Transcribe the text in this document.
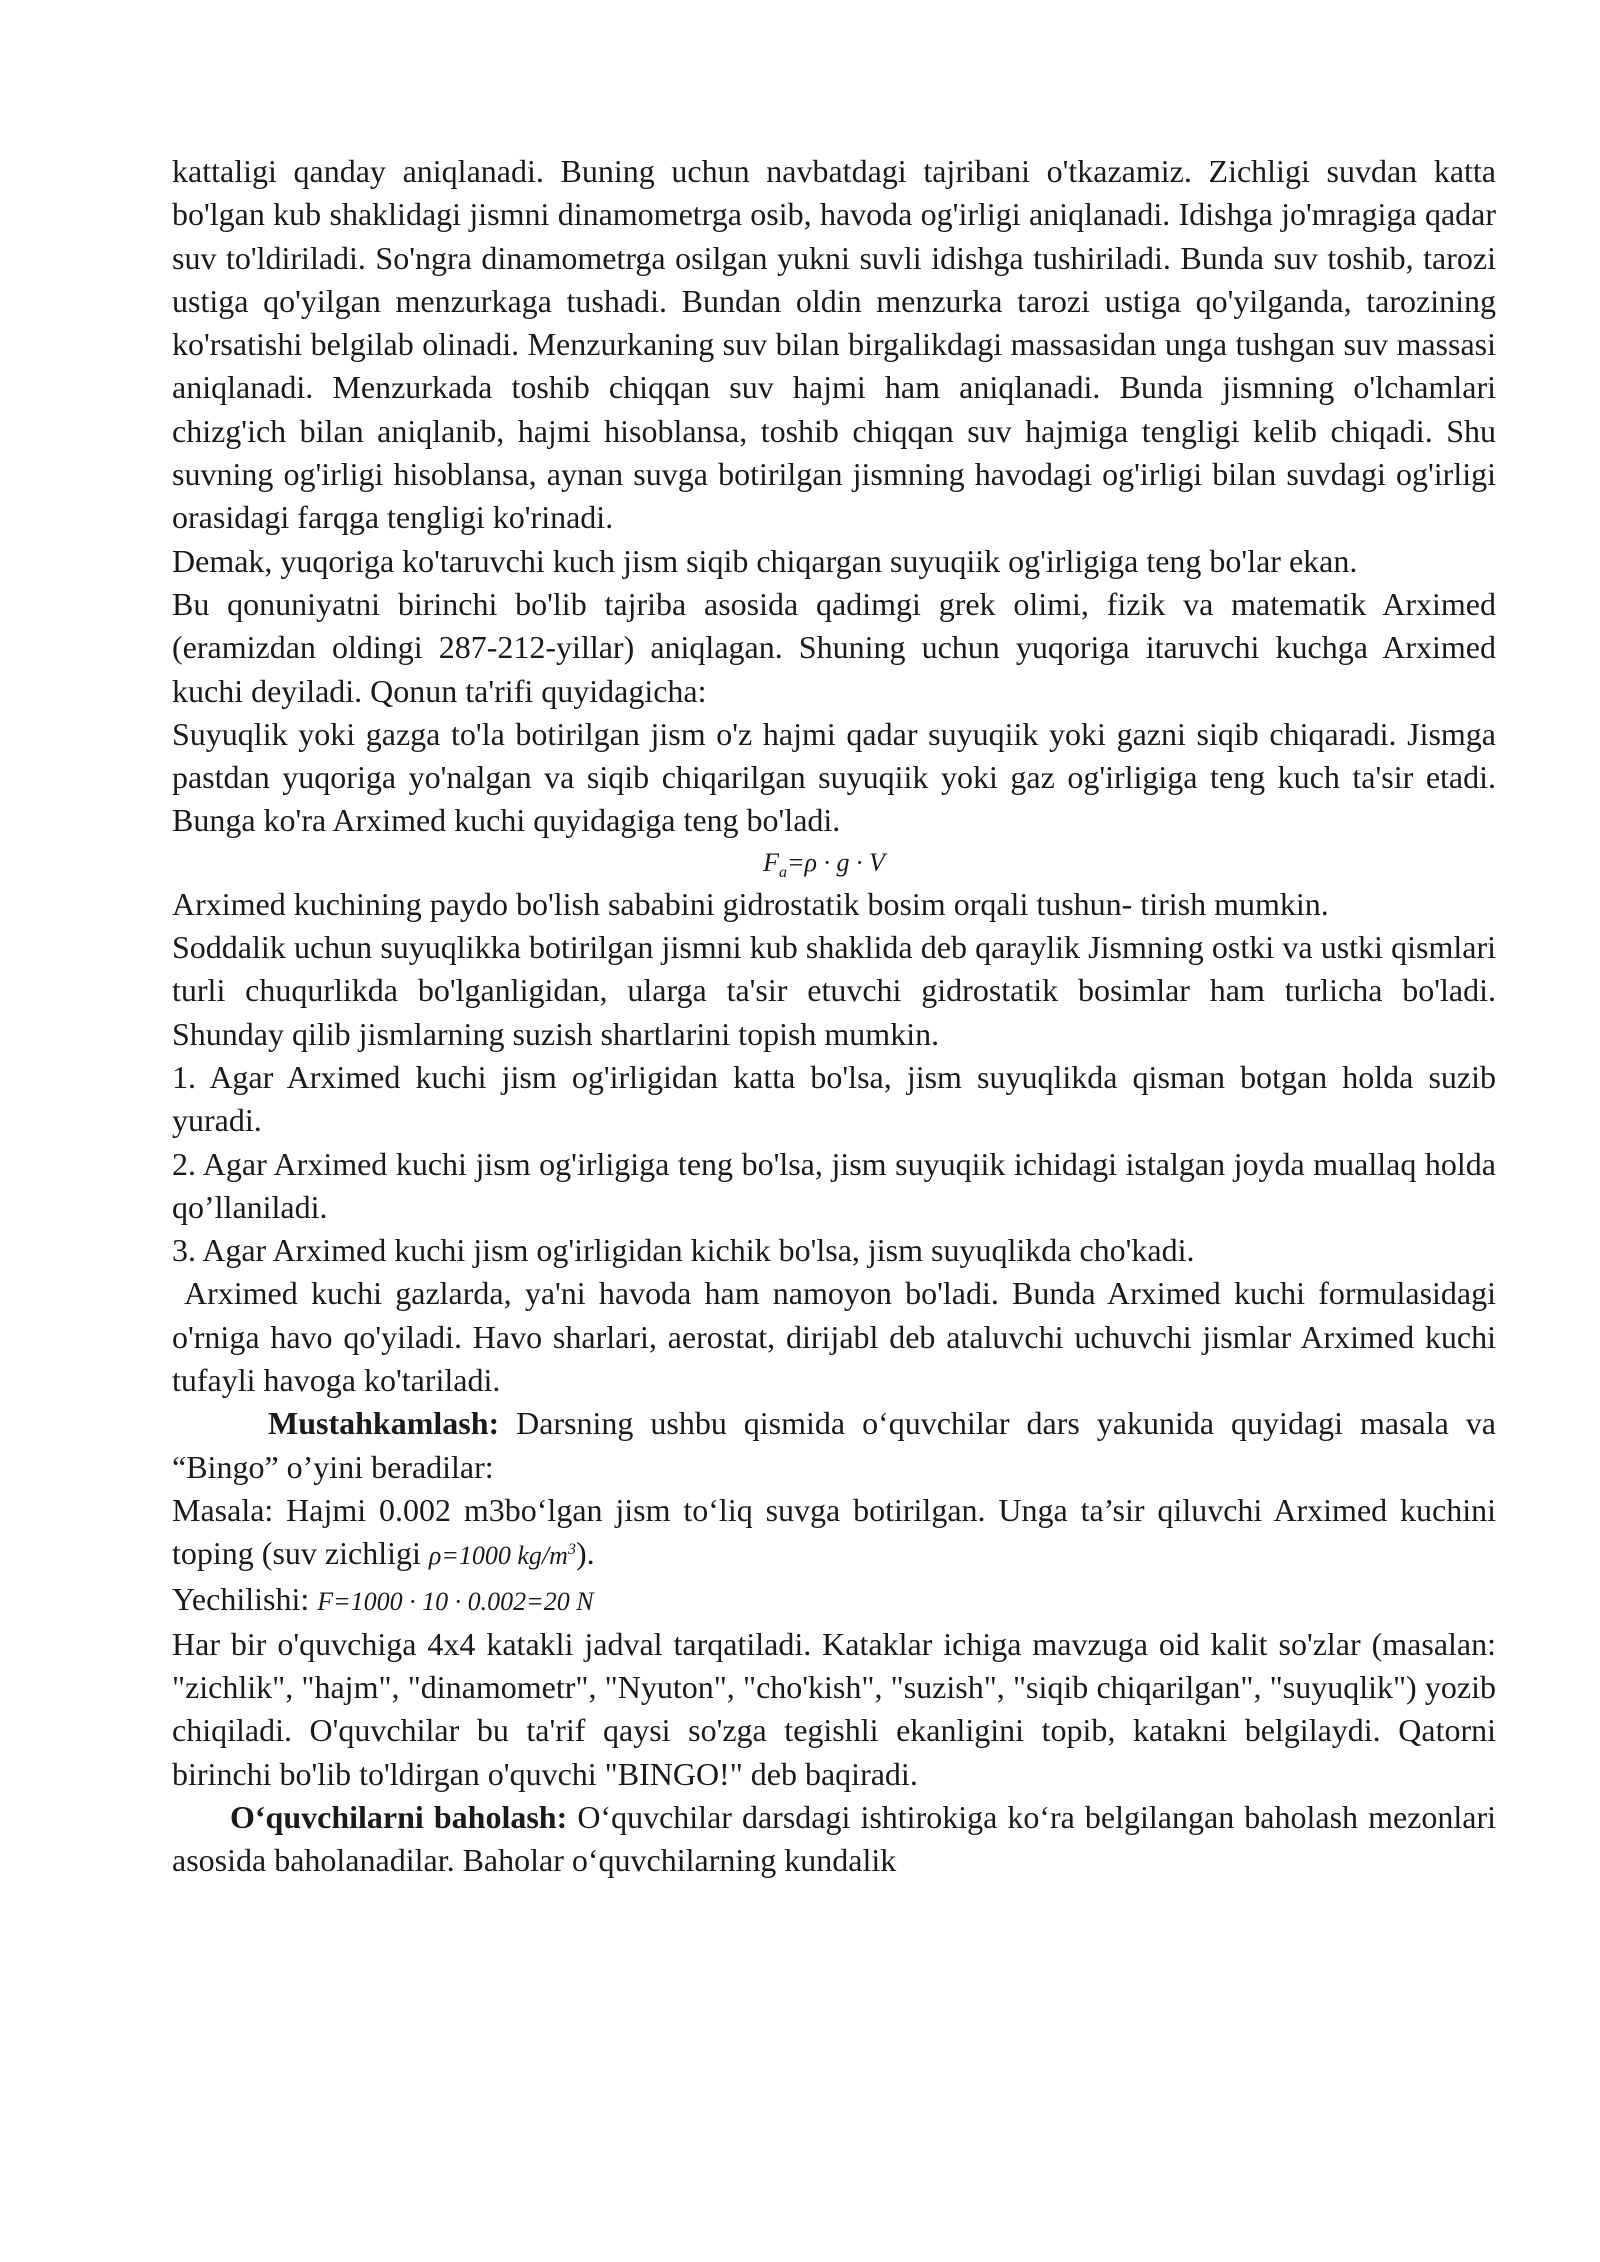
kattaligi qanday aniqlanadi. Buning uchun navbatdagi tajribani o'tkazamiz. Zichligi suvdan katta bo'lgan kub shaklidagi jismni dinamometrga osib, havoda og'irligi aniqlanadi. Idishga jo'mragiga qadar suv to'ldiriladi. So'ngra dinamometrga osilgan yukni suvli idishga tushiriladi. Bunda suv toshib, tarozi ustiga qo'yilgan menzurkaga tushadi. Bundan oldin menzurka tarozi ustiga qo'yilganda, tarozining ko'rsatishi belgilab olinadi. Menzurkaning suv bilan birgalikdagi massasidan unga tushgan suv massasi aniqlanadi. Menzurkada toshib chiqqan suv hajmi ham aniqlanadi. Bunda jismning o'lchamlari chizg'ich bilan aniqlanib, hajmi hisoblansa, toshib chiqqan suv hajmiga tengligi kelib chiqadi. Shu suvning og'irligi hisoblansa, aynan suvga botirilgan jismning havodagi og'irligi bilan suvdagi og'irligi orasidagi farqga tengligi ko'rinadi.

Demak, yuqoriga ko'taruvchi kuch jism siqib chiqargan suyuqiik og'irligiga teng bo'lar ekan.

Bu qonuniyatni birinchi bo'lib tajriba asosida qadimgi grek olimi, fizik va matematik Arximed (eramizdan oldingi 287-212-yillar) aniqlagan. Shuning uchun yuqoriga itaruvchi kuchga Arximed kuchi deyiladi. Qonun ta'rifi quyidagicha:

Suyuqlik yoki gazga to'la botirilgan jism o'z hajmi qadar suyuqiik yoki gazni siqib chiqaradi. Jismga pastdan yuqoriga yo'nalgan va siqib chiqarilgan suyuqiik yoki gaz og'irligiga teng kuch ta'sir etadi. Bunga ko'ra Arximed kuchi quyidagiga teng bo'ladi.

$F_a=\rho \cdot g \cdot V$

Arximed kuchining paydo bo'lish sababini gidrostatik bosim orqali tushun- tirish mumkin.

Soddalik uchun suyuqlikka botirilgan jismni kub shaklida deb qaraylik Jismning ostki va ustki qismlari turli chuqurlikda bo'lganligidan, ularga ta'sir etuvchi gidrostatik bosimlar ham turlicha bo'ladi. Shunday qilib jismlarning suzish shartlarini topish mumkin.

1. Agar Arximed kuchi jism og'irligidan katta bo'lsa, jism suyuqlikda qisman botgan holda suzib yuradi.

2. Agar Arximed kuchi jism og'irligiga teng bo'lsa, jism suyuqiik ichidagi istalgan joyda muallaq holda qo’llaniladi.

3. Agar Arximed kuchi jism og'irligidan kichik bo'lsa, jism suyuqlikda cho'kadi.

Arximed kuchi gazlarda, ya'ni havoda ham namoyon bo'ladi. Bunda Arximed kuchi formulasidagi o'rniga havo qo'yiladi. Havo sharlari, aerostat, dirijabl deb ataluvchi uchuvchi jismlar Arximed kuchi tufayli havoga ko'tariladi.

Mustahkamlash: Darsning ushbu qismida o‘quvchilar dars yakunida quyidagi masala va “Bingo” o’yini beradilar:

Masala: Hajmi 0.002 m3bo‘lgan jism to‘liq suvga botirilgan. Unga ta’sir qiluvchi Arximed kuchini toping (suv zichligi ρ=1000 $kg/m^3$).

Yechilishi: F=1000 · 10 · 0.002=20 N

Har bir o'quvchiga 4x4 katakli jadval tarqatiladi. Kataklar ichiga mavzuga oid kalit so'zlar (masalan: "zichlik", "hajm", "dinamometr", "Nyuton", "cho'kish", "suzish", "siqib chiqarilgan", "suyuqlik") yozib chiqiladi. O'quvchilar bu ta'rif qaysi so'zga tegishli ekanligini topib, katakni belgilaydi. Qatorni birinchi bo'lib to'ldirgan o'quvchi "BINGO!" deb baqiradi.

O‘quvchilarni baholash: O‘quvchilar darsdagi ishtirokiga ko‘ra belgilangan baholash mezonlari asosida baholanadilar. Baholar o‘quvchilarning kundalik
